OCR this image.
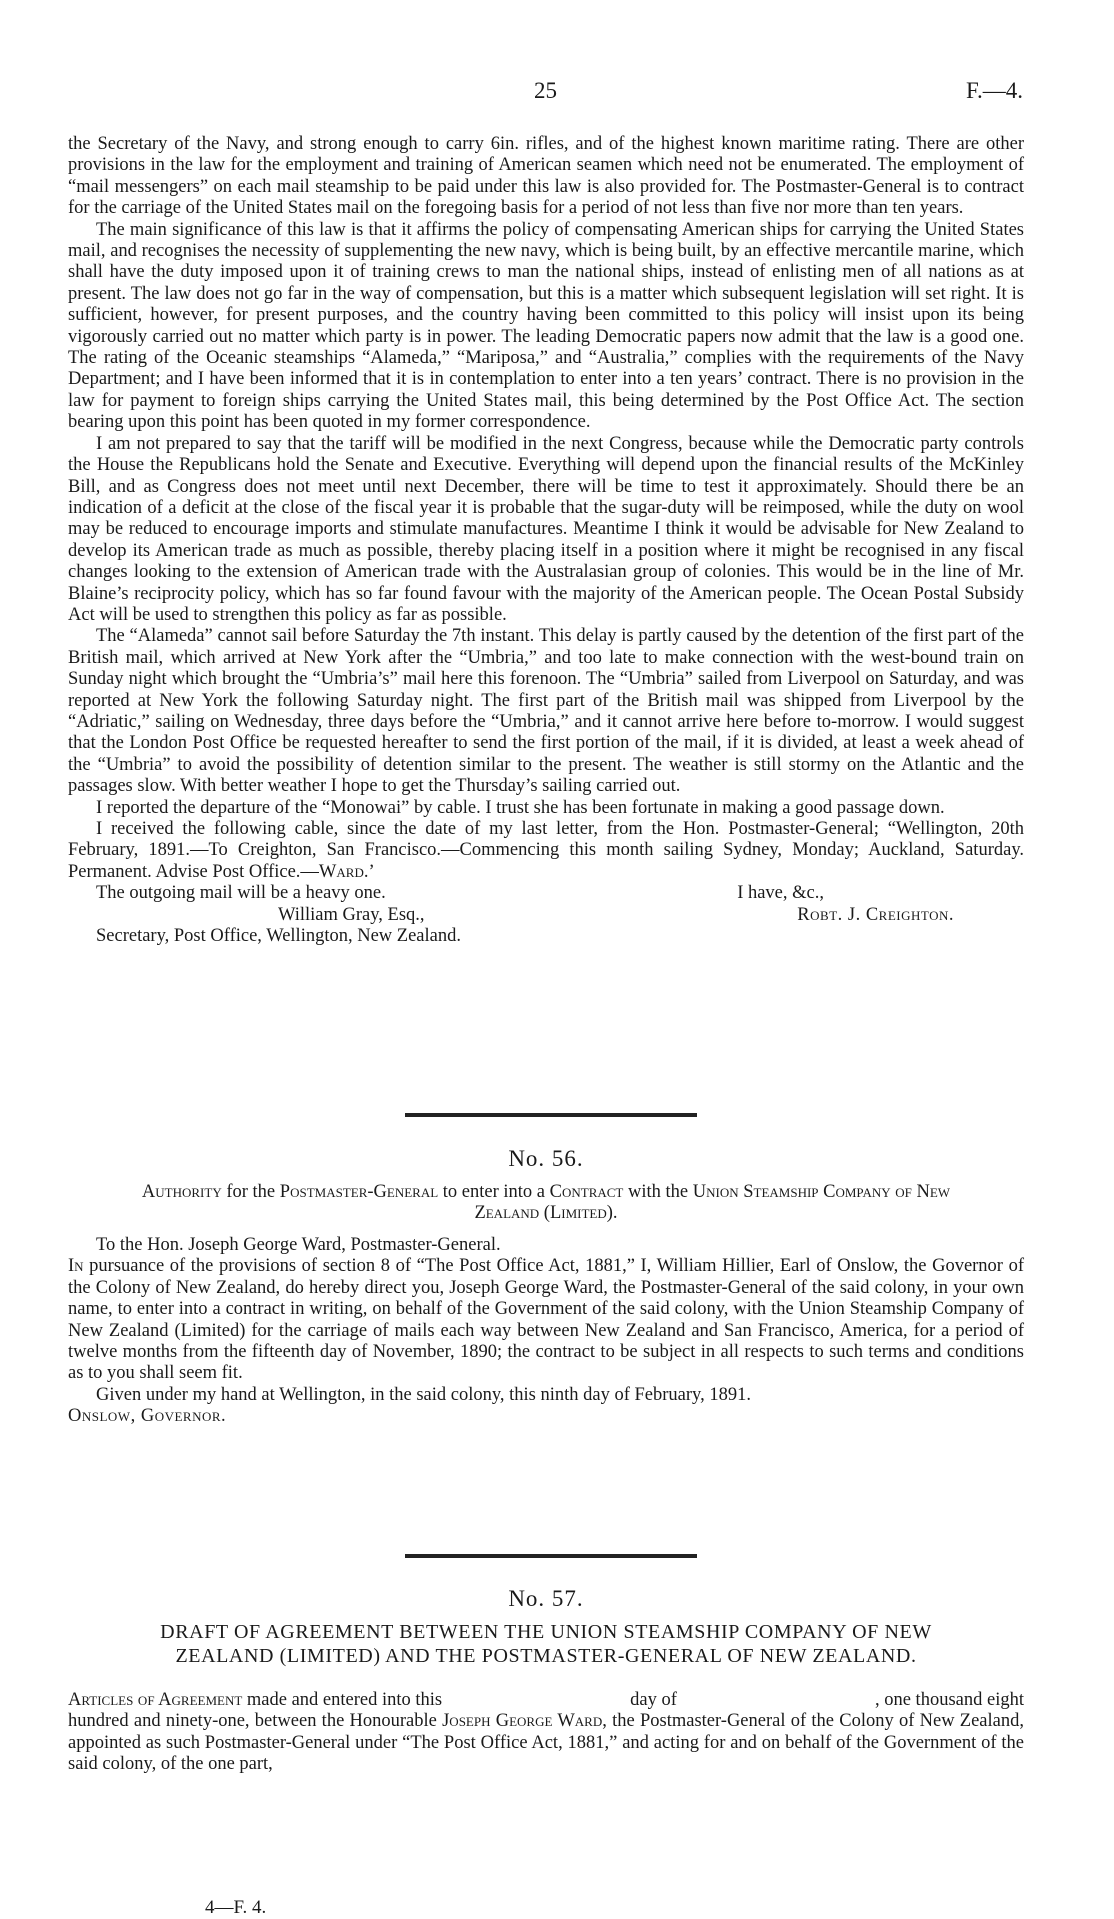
25	F.—4.

the Secretary of the Navy, and strong enough to carry 6in. rifles, and of the highest known maritime rating. There are other provisions in the law for the employment and training of American seamen which need not be enumerated. The employment of “mail messengers” on each mail steamship to be paid under this law is also provided for. The Postmaster-General is to contract for the carriage of the United States mail on the foregoing basis for a period of not less than five nor more than ten years.

The main significance of this law is that it affirms the policy of compensating American ships for carrying the United States mail, and recognises the necessity of supplementing the new navy, which is being built, by an effective mercantile marine, which shall have the duty imposed upon it of training crews to man the national ships, instead of enlisting men of all nations as at present. The law does not go far in the way of compensation, but this is a matter which subsequent legislation will set right. It is sufficient, however, for present purposes, and the country having been committed to this policy will insist upon its being vigorously carried out no matter which party is in power. The leading Democratic papers now admit that the law is a good one. The rating of the Oceanic steamships “Alameda,” “Mariposa,” and “Australia,” complies with the requirements of the Navy Department; and I have been informed that it is in contemplation to enter into a ten years’ contract. There is no provision in the law for payment to foreign ships carrying the United States mail, this being determined by the Post Office Act. The section bearing upon this point has been quoted in my former correspondence.

I am not prepared to say that the tariff will be modified in the next Congress, because while the Democratic party controls the House the Republicans hold the Senate and Executive. Everything will depend upon the financial results of the McKinley Bill, and as Congress does not meet until next December, there will be time to test it approximately. Should there be an indication of a deficit at the close of the fiscal year it is probable that the sugar-duty will be reimposed, while the duty on wool may be reduced to encourage imports and stimulate manufactures. Meantime I think it would be advisable for New Zealand to develop its American trade as much as possible, thereby placing itself in a position where it might be recognised in any fiscal changes looking to the extension of American trade with the Australasian group of colonies. This would be in the line of Mr. Blaine’s reciprocity policy, which has so far found favour with the majority of the American people. The Ocean Postal Subsidy Act will be used to strengthen this policy as far as possible.

The “Alameda” cannot sail before Saturday the 7th instant. This delay is partly caused by the detention of the first part of the British mail, which arrived at New York after the “Umbria,” and too late to make connection with the west-bound train on Sunday night which brought the “Umbria’s” mail here this forenoon. The “Umbria” sailed from Liverpool on Saturday, and was reported at New York the following Saturday night. The first part of the British mail was shipped from Liverpool by the “Adriatic,” sailing on Wednesday, three days before the “Umbria,” and it cannot arrive here before to-morrow. I would suggest that the London Post Office be requested hereafter to send the first portion of the mail, if it is divided, at least a week ahead of the “Umbria” to avoid the possibility of detention similar to the present. The weather is still stormy on the Atlantic and the passages slow. With better weather I hope to get the Thursday’s sailing carried out.

I reported the departure of the “Monowai” by cable. I trust she has been fortunate in making a good passage down.

I received the following cable, since the date of my last letter, from the Hon. Postmaster-General; “Wellington, 20th February, 1891.—To Creighton, San Francisco.—Commencing this month sailing Sydney, Monday; Auckland, Saturday. Permanent. Advise Post Office.—Ward.’

The outgoing mail will be a heavy one.	I have, &c.,
William Gray, Esq.,	Robt. J. Creighton.
Secretary, Post Office, Wellington, New Zealand.
No. 56.
Authority for the Postmaster-General to enter into a Contract with the Union Steamship Company of New Zealand (Limited).

To the Hon. Joseph George Ward, Postmaster-General.

In pursuance of the provisions of section 8 of “The Post Office Act, 1881,” I, William Hillier, Earl of Onslow, the Governor of the Colony of New Zealand, do hereby direct you, Joseph George Ward, the Postmaster-General of the said colony, in your own name, to enter into a contract in writing, on behalf of the Government of the said colony, with the Union Steamship Company of New Zealand (Limited) for the carriage of mails each way between New Zealand and San Francisco, America, for a period of twelve months from the fifteenth day of November, 1890; the contract to be subject in all respects to such terms and conditions as to you shall seem fit.

Given under my hand at Wellington, in the said colony, this ninth day of February, 1891.

Onslow, Governor.

No. 57.
DRAFT OF AGREEMENT BETWEEN THE UNION STEAMSHIP COMPANY OF NEW
ZEALAND (LIMITED) AND THE POSTMASTER-GENERAL OF NEW ZEALAND.
Articles of Agreement made and entered into this	day of	, one thousand eight

hundred and ninety-one, between the Honourable Joseph George Ward, the Postmaster-General of the Colony of New Zealand, appointed as such Postmaster-General under “The Post Office Act, 1881,” and acting for and on behalf of the Government of the said colony, of the one part,

4—F. 4.
